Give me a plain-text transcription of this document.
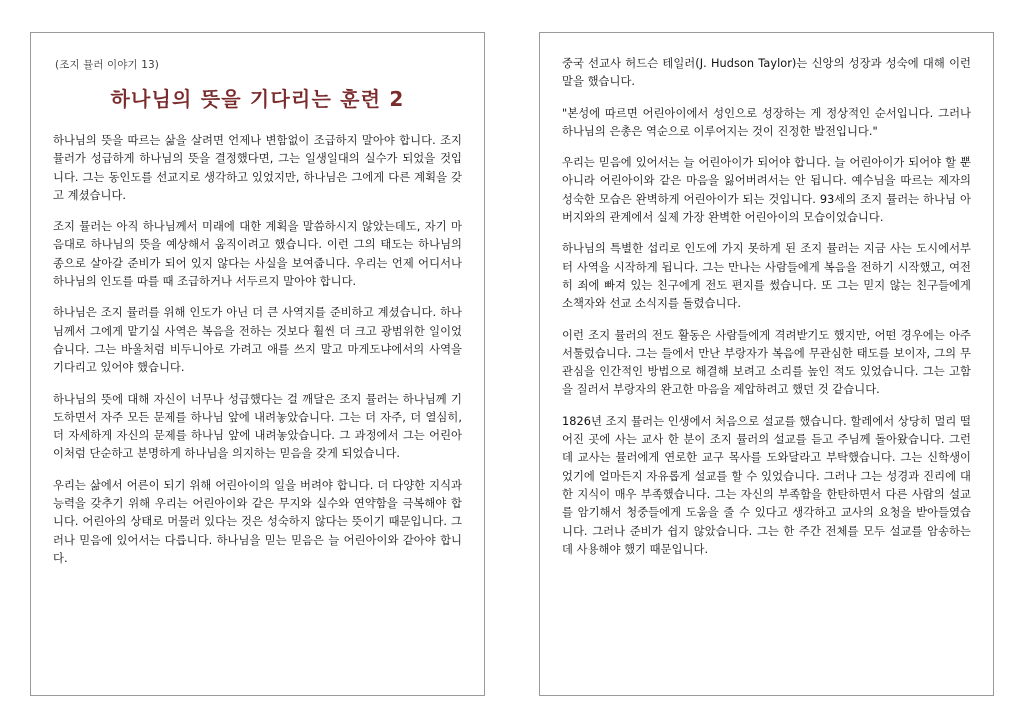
(조지 뮬러 이야기 13)
하나님의 뜻을 기다리는 훈련 2

하나님의 뜻을 따르는 삶을 살려면 언제나 변함없이 조급하지 말아야 합니다. 조지 뮬러가 성급하게 하나님의 뜻을 결정했다면, 그는 일생일대의 실수가 되었을 것입니다. 그는 동인도를 선교지로 생각하고 있었지만, 하나님은 그에게 다른 계획을 갖고 계셨습니다.

조지 뮬러는 아직 하나님께서 미래에 대한 계획을 말씀하시지 않았는데도, 자기 마음대로 하나님의 뜻을 예상해서 움직이려고 했습니다. 이런 그의 태도는 하나님의 종으로 살아갈 준비가 되어 있지 않다는 사실을 보여줍니다. 우리는 언제 어디서나 하나님의 인도를 따를 때 조급하거나 서두르지 말아야 합니다.

하나님은 조지 뮬러를 위해 인도가 아닌 더 큰 사역지를 준비하고 계셨습니다. 하나님께서 그에게 맡기실 사역은 복음을 전하는 것보다 훨씬 더 크고 광범위한 일이었습니다. 그는 바울처럼 비두니아로 가려고 애를 쓰지 말고 마게도냐에서의 사역을 기다리고 있어야 했습니다.

하나님의 뜻에 대해 자신이 너무나 성급했다는 걸 깨달은 조지 뮬러는 하나님께 기도하면서 자주 모든 문제를 하나님 앞에 내려놓았습니다. 그는 더 자주, 더 열심히, 더 자세하게 자신의 문제를 하나님 앞에 내려놓았습니다. 그 과정에서 그는 어린아이처럼 단순하고 분명하게 하나님을 의지하는 믿음을 갖게 되었습니다.

우리는 삶에서 어른이 되기 위해 어린아이의 일을 버려야 합니다. 더 다양한 지식과 능력을 갖추기 위해 우리는 어린아이와 같은 무지와 실수와 연약함을 극복해야 합니다. 어린아의 상태로 머물러 있다는 것은 성숙하지 않다는 뜻이기 때문입니다. 그러나 믿음에 있어서는 다릅니다. 하나님을 믿는 믿음은 늘 어린아이와 같아야 합니다.

중국 선교사 허드슨 테일러(J. Hudson Taylor)는 신앙의 성장과 성숙에 대해 이런 말을 했습니다.

"본성에 따르면 어린아이에서 성인으로 성장하는 게 정상적인 순서입니다. 그러나 하나님의 은총은 역순으로 이루어지는 것이 진정한 발전입니다."

우리는 믿음에 있어서는 늘 어린아이가 되어야 합니다. 늘 어린아이가 되어야 할 뿐 아니라 어린아이와 같은 마음을 잃어버려서는 안 됩니다. 예수님을 따르는 제자의 성숙한 모습은 완벽하게 어린아이가 되는 것입니다. 93세의 조지 뮬러는 하나님 아버지와의 관계에서 실제 가장 완벽한 어린아이의 모습이었습니다.

하나님의 특별한 섭리로 인도에 가지 못하게 된 조지 뮬러는 지금 사는 도시에서부터 사역을 시작하게 됩니다. 그는 만나는 사람들에게 복음을 전하기 시작했고, 여전히 죄에 빠져 있는 친구에게 전도 편지를 썼습니다. 또 그는 믿지 않는 친구들에게 소책자와 선교 소식지를 돌렸습니다.

이런 조지 뮬러의 전도 활동은 사람들에게 격려받기도 했지만, 어떤 경우에는 아주 서툴렀습니다. 그는 들에서 만난 부랑자가 복음에 무관심한 태도를 보이자, 그의 무관심을 인간적인 방법으로 해결해 보려고 소리를 높인 적도 있었습니다. 그는 고함을 질러서 부랑자의 완고한 마음을 제압하려고 했던 것 같습니다.

1826년 조지 뮬러는 인생에서 처음으로 설교를 했습니다. 할레에서 상당히 멀리 떨어진 곳에 사는 교사 한 분이 조지 뮬러의 설교를 듣고 주님께 돌아왔습니다. 그런데 교사는 뮬러에게 연로한 교구 목사를 도와달라고 부탁했습니다. 그는 신학생이었기에 얼마든지 자유롭게 설교를 할 수 있었습니다. 그러나 그는 성경과 진리에 대한 지식이 매우 부족했습니다. 그는 자신의 부족함을 한탄하면서 다른 사람의 설교를 암기해서 청중들에게 도움을 줄 수 있다고 생각하고 교사의 요청을 받아들였습니다. 그러나 준비가 쉽지 않았습니다. 그는 한 주간 전체를 모두 설교를 암송하는 데 사용해야 했기 때문입니다.
